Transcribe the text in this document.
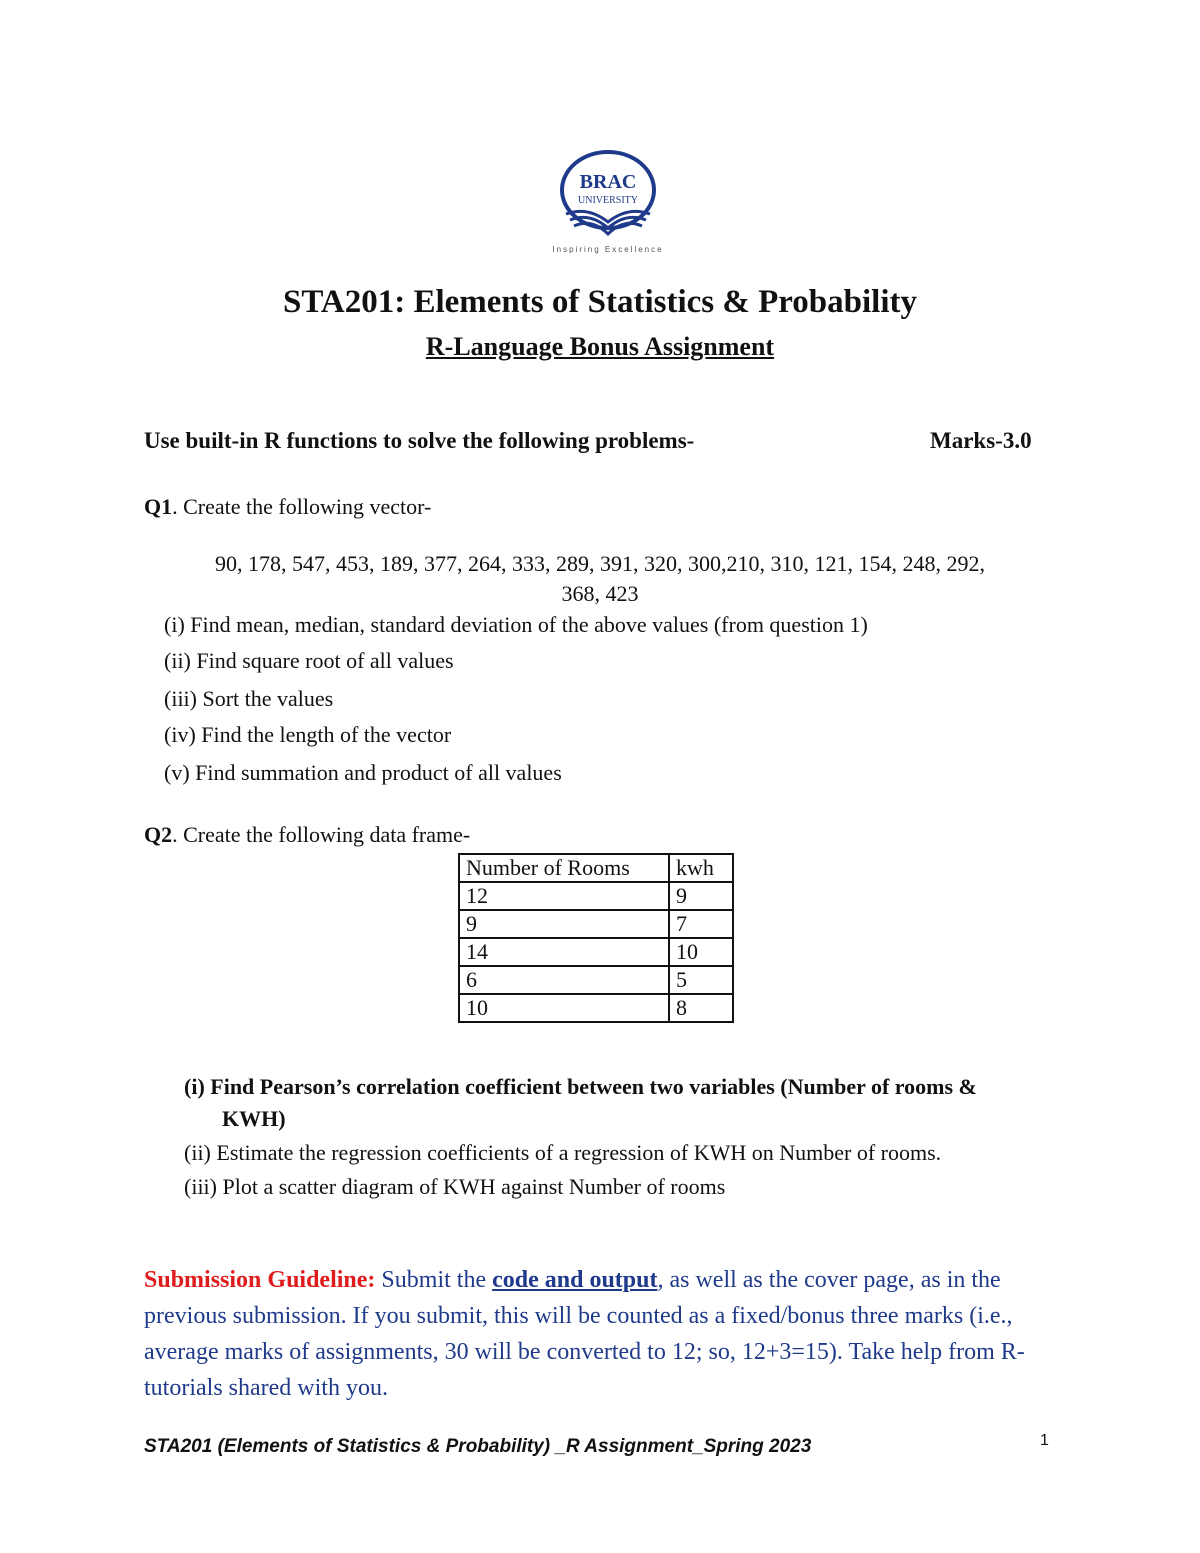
BRAC
UNIVERSITY
Inspiring Excellence
STA201: Elements of Statistics & Probability
R-Language Bonus Assignment
Use built-in R functions to solve the following problems-	Marks-3.0
Q1. Create the following vector-
90, 178, 547, 453, 189, 377, 264, 333, 289, 391, 320, 300,210, 310, 121, 154, 248, 292,
368, 423
(i) Find mean, median, standard deviation of the above values (from question 1)
(ii) Find square root of all values
(iii) Sort the values
(iv) Find the length of the vector
(v) Find summation and product of all values
Q2. Create the following data frame-
Number of Rooms	kwh
12	9
9	7
14	10
6	5
10	8
(i) Find Pearson’s correlation coefficient between two variables (Number of rooms &
KWH)
(ii) Estimate the regression coefficients of a regression of KWH on Number of rooms.
(iii) Plot a scatter diagram of KWH against Number of rooms
Submission Guideline: Submit the code and output, as well as the cover page, as in the previous submission. If you submit, this will be counted as a fixed/bonus three marks (i.e., average marks of assignments, 30 will be converted to 12; so, 12+3=15). Take help from R- tutorials shared with you.
1
STA201 (Elements of Statistics & Probability) _R Assignment_Spring 2023
